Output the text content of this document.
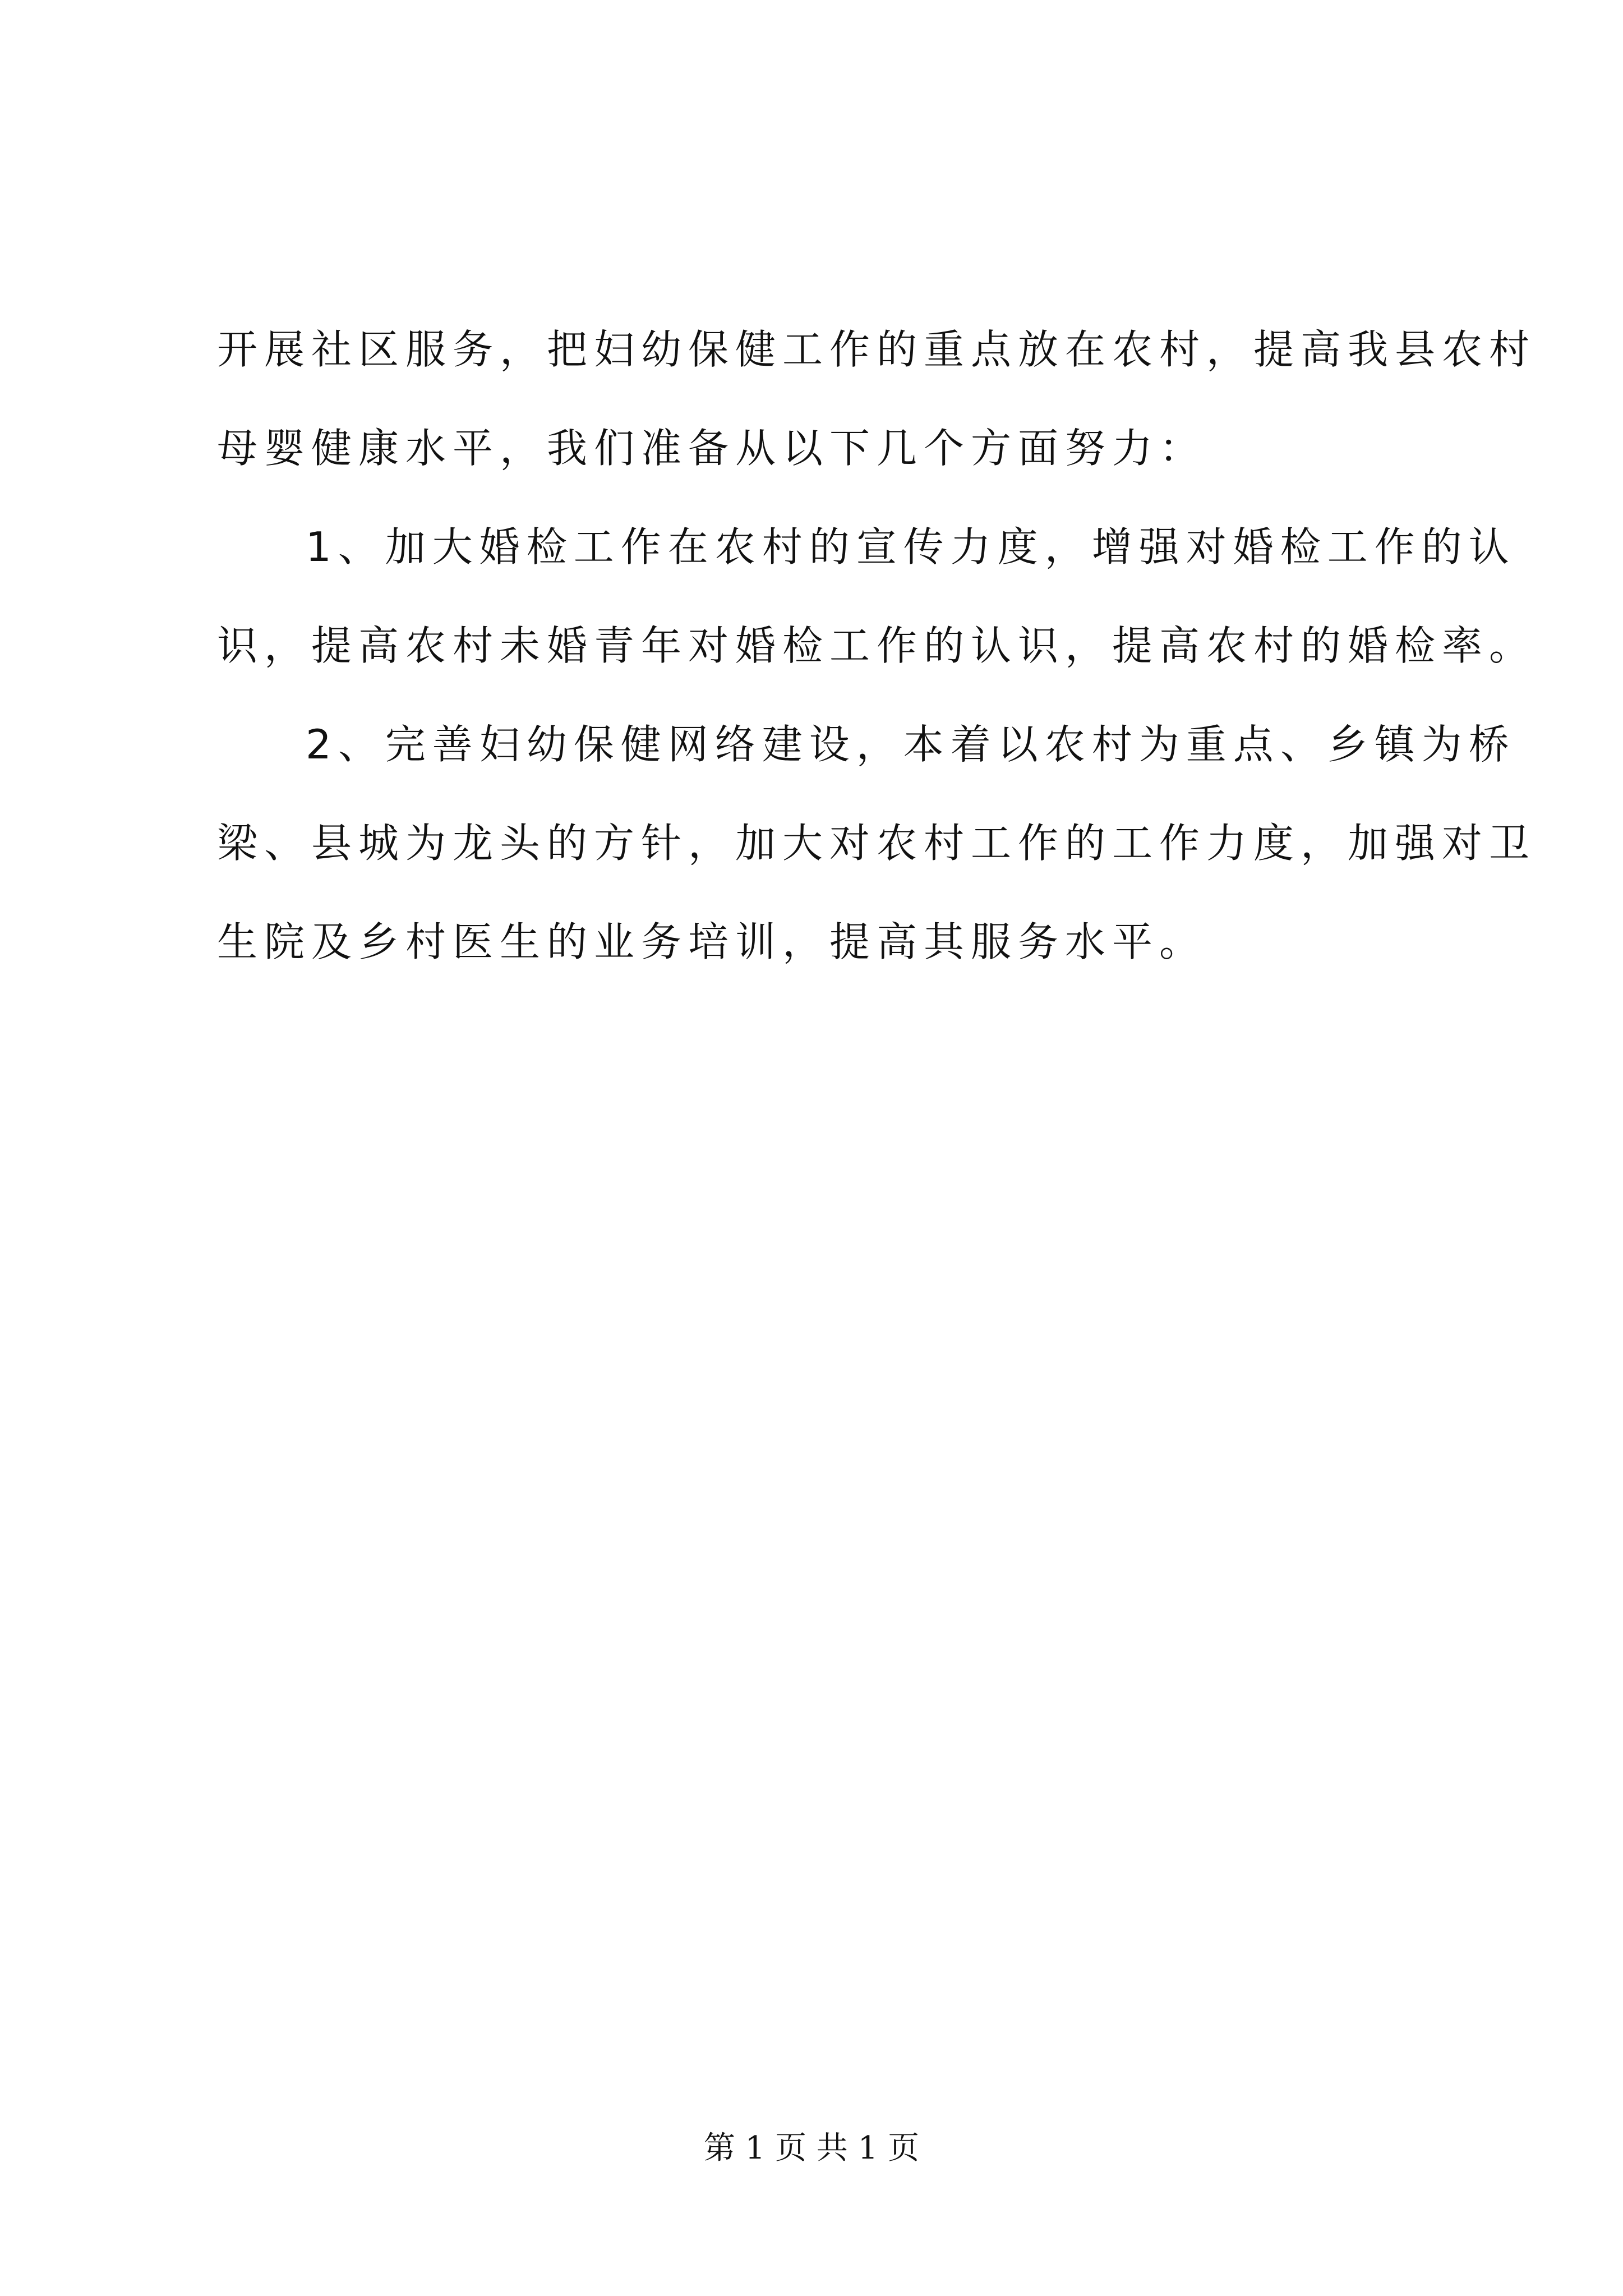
开展社区服务，把妇幼保健工作的重点放在农村，提高我县农村
母婴健康水平，我们准备从以下几个方面努力：
1、加大婚检工作在农村的宣传力度，增强对婚检工作的认
识，提高农村未婚青年对婚检工作的认识，提高农村的婚检率。
2、完善妇幼保健网络建设，本着以农村为重点、乡镇为桥
梁、县城为龙头的方针，加大对农村工作的工作力度，加强对卫
生院及乡村医生的业务培训，提高其服务水平。
第 1 页 共 1 页
